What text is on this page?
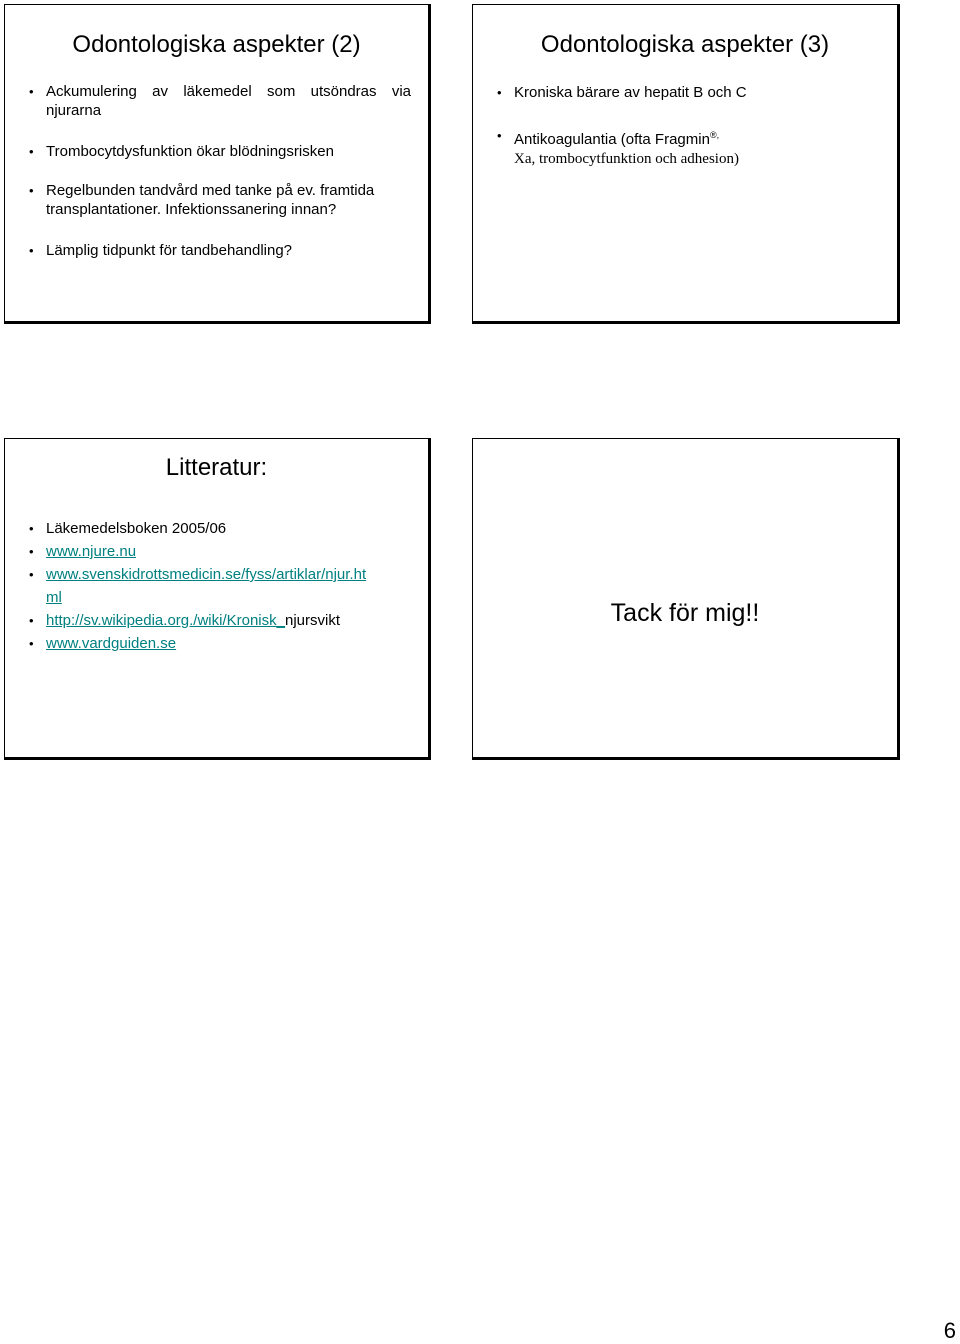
Odontologiska aspekter (2)
• Ackumulering av läkemedel som utsöndras via njurarna
• Trombocytdysfunktion ökar blödningsrisken
• Regelbunden tandvård med tanke på ev. framtida transplantationer. Infektionssanering innan?
• Lämplig tidpunkt för tandbehandling?
Odontologiska aspekter (3)
• Kroniska bärare av hepatit B och C
• Antikoagulantia (ofta Fragmin®,
Xa, trombocytfunktion och adhesion)
Litteratur:
• Läkemedelsboken 2005/06
• www.njure.nu
• www.svenskidrottsmedicin.se/fyss/artiklar/njur.ht
ml
• http://sv.wikipedia.org./wiki/Kronisk_njursvikt
• www.vardguiden.se
Tack för mig!!
6
